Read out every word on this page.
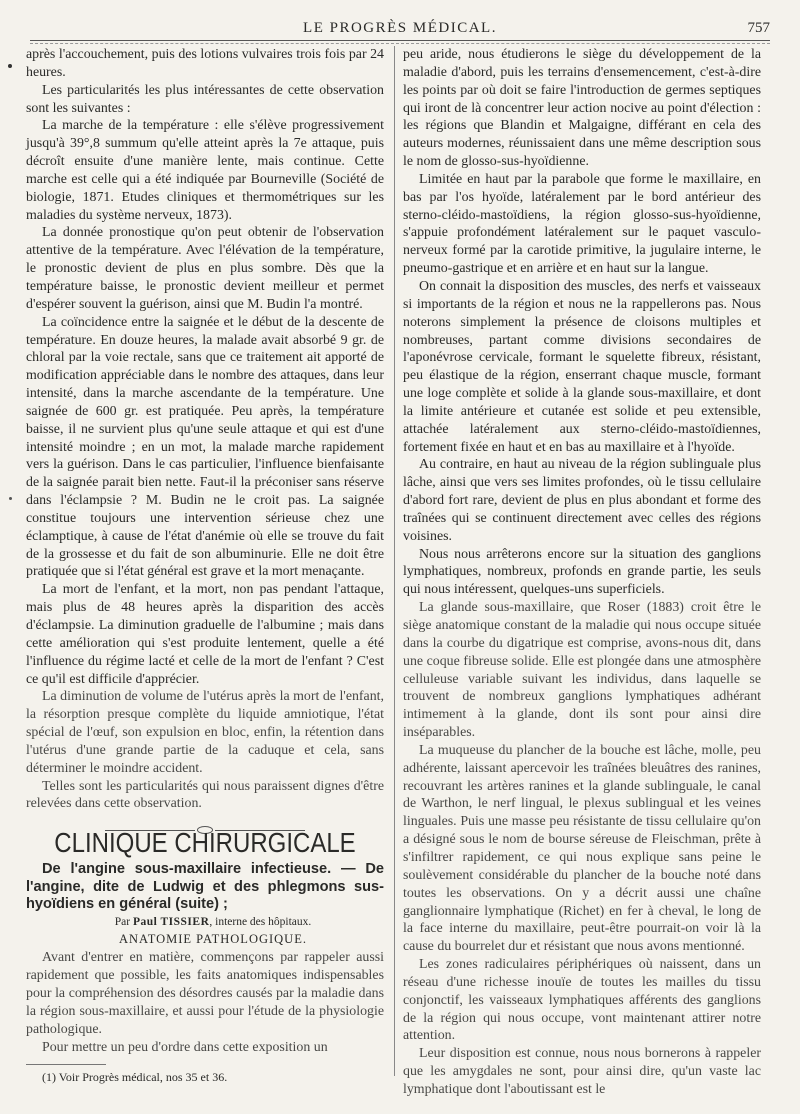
LE PROGRÈS MÉDICAL.	757

après l'accouchement, puis des lotions vulvaires trois fois par 24 heures.

Les particularités les plus intéressantes de cette observation sont les suivantes :

La marche de la température : elle s'élève progressivement jusqu'à 39°,8 summum qu'elle atteint après la 7e attaque, puis décroît ensuite d'une manière lente, mais continue. Cette marche est celle qui a été indiquée par Bourneville (Société de biologie, 1871. Etudes cliniques et thermométriques sur les maladies du système nerveux, 1873).

La donnée pronostique qu'on peut obtenir de l'observation attentive de la température. Avec l'élévation de la température, le pronostic devient de plus en plus sombre. Dès que la température baisse, le pronostic devient meilleur et permet d'espérer souvent la guérison, ainsi que M. Budin l'a montré.

La coïncidence entre la saignée et le début de la descente de température. En douze heures, la malade avait absorbé 9 gr. de chloral par la voie rectale, sans que ce traitement ait apporté de modification appréciable dans le nombre des attaques, dans leur intensité, dans la marche ascendante de la température. Une saignée de 600 gr. est pratiquée. Peu après, la température baisse, il ne survient plus qu'une seule attaque et qui est d'une intensité moindre ; en un mot, la malade marche rapidement vers la guérison. Dans le cas particulier, l'influence bienfaisante de la saignée parait bien nette. Faut-il la préconiser sans réserve dans l'éclampsie ? M. Budin ne le croit pas. La saignée constitue toujours une intervention sérieuse chez une éclamptique, à cause de l'état d'anémie où elle se trouve du fait de la grossesse et du fait de son albuminurie. Elle ne doit être pratiquée que si l'état général est grave et la mort menaçante.

La mort de l'enfant, et la mort, non pas pendant l'attaque, mais plus de 48 heures après la disparition des accès d'éclampsie. La diminution graduelle de l'albumine ; mais dans cette amélioration qui s'est produite lentement, quelle a été l'influence du régime lacté et celle de la mort de l'enfant ? C'est ce qu'il est difficile d'apprécier.

La diminution de volume de l'utérus après la mort de l'enfant, la résorption presque complète du liquide amniotique, l'état spécial de l'œuf, son expulsion en bloc, enfin, la rétention dans l'utérus d'une grande partie de la caduque et cela, sans déterminer le moindre accident.

Telles sont les particularités qui nous paraissent dignes d'être relevées dans cette observation.

CLINIQUE CHIRURGICALE

De l'angine sous-maxillaire infectieuse. — De l'angine, dite de Ludwig et des phlegmons sus-hyoïdiens en général (suite) ;

Par Paul TISSIER, interne des hôpitaux.

ANATOMIE PATHOLOGIQUE.

Avant d'entrer en matière, commençons par rappeler aussi rapidement que possible, les faits anatomiques indispensables pour la compréhension des désordres causés par la maladie dans la région sous-maxillaire, et aussi pour l'étude de la physiologie pathologique.

Pour mettre un peu d'ordre dans cette exposition un

(1) Voir Progrès médical, nos 35 et 36.

peu aride, nous étudierons le siège du développement de la maladie d'abord, puis les terrains d'ensemencement, c'est-à-dire les points par où doit se faire l'introduction de germes septiques qui iront de là concentrer leur action nocive au point d'élection : les régions que Blandin et Malgaigne, différant en cela des auteurs modernes, réunissaient dans une même description sous le nom de glosso-sus-hyoïdienne.

Limitée en haut par la parabole que forme le maxillaire, en bas par l'os hyoïde, latéralement par le bord antérieur des sterno-cléido-mastoïdiens, la région glosso-sus-hyoïdienne, s'appuie profondément latéralement sur le paquet vasculo-nerveux formé par la carotide primitive, la jugulaire interne, le pneumo-gastrique et en arrière et en haut sur la langue.

On connait la disposition des muscles, des nerfs et vaisseaux si importants de la région et nous ne la rappellerons pas. Nous noterons simplement la présence de cloisons multiples et nombreuses, partant comme divisions secondaires de l'aponévrose cervicale, formant le squelette fibreux, résistant, peu élastique de la région, enserrant chaque muscle, formant une loge complète et solide à la glande sous-maxillaire, et dont la limite antérieure et cutanée est solide et peu extensible, attachée latéralement aux sterno-cléido-mastoïdiennes, fortement fixée en haut et en bas au maxillaire et à l'hyoïde.

Au contraire, en haut au niveau de la région sublinguale plus lâche, ainsi que vers ses limites profondes, où le tissu cellulaire d'abord fort rare, devient de plus en plus abondant et forme des traînées qui se continuent directement avec celles des régions voisines.

Nous nous arrêterons encore sur la situation des ganglions lymphatiques, nombreux, profonds en grande partie, les seuls qui nous intéressent, quelques-uns superficiels.

La glande sous-maxillaire, que Roser (1883) croit être le siège anatomique constant de la maladie qui nous occupe située dans la courbe du digatrique est comprise, avons-nous dit, dans une coque fibreuse solide. Elle est plongée dans une atmosphère celluleuse variable suivant les individus, dans laquelle se trouvent de nombreux ganglions lymphatiques adhérant intimement à la glande, dont ils sont pour ainsi dire inséparables.

La muqueuse du plancher de la bouche est lâche, molle, peu adhérente, laissant apercevoir les traînées bleuâtres des ranines, recouvrant les artères ranines et la glande sublinguale, le canal de Warthon, le nerf lingual, le plexus sublingual et les veines linguales. Puis une masse peu résistante de tissu cellulaire qu'on a désigné sous le nom de bourse séreuse de Fleischman, prête à s'infiltrer rapidement, ce qui nous explique sans peine le soulèvement considérable du plancher de la bouche noté dans toutes les observations. On y a décrit aussi une chaîne ganglionnaire lymphatique (Richet) en fer à cheval, le long de la face interne du maxillaire, peut-être pourrait-on voir là la cause du bourrelet dur et résistant que nous avons mentionné.

Les zones radiculaires périphériques où naissent, dans un réseau d'une richesse inouïe de toutes les mailles du tissu conjonctif, les vaisseaux lymphatiques afférents des ganglions de la région qui nous occupe, vont maintenant attirer notre attention.

Leur disposition est connue, nous nous bornerons à rappeler que les amygdales ne sont, pour ainsi dire, qu'un vaste lac lymphatique dont l'aboutissant est le
